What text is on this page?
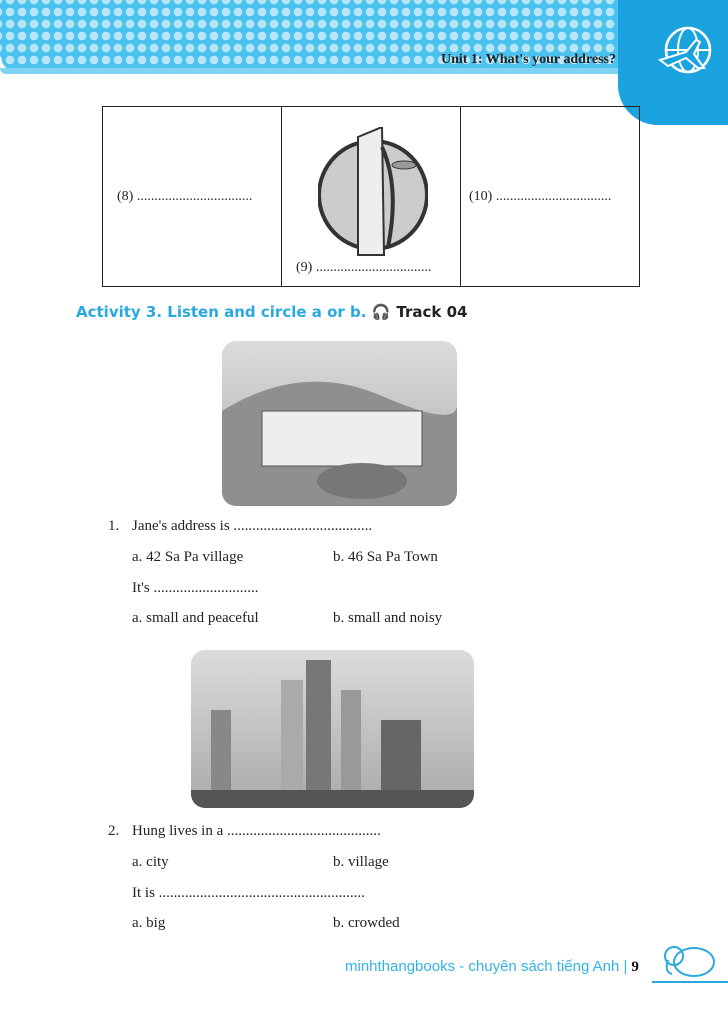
Unit 1: What's your address?
(8) .................................

(9) .................................

(10) .................................
Activity 3. Listen and circle a or b. 🎧 Track 04
1. Jane's address is .....................................
a. 42 Sa Pa village	b. 46 Sa Pa Town
It's ............................
a. small and peaceful	b. small and noisy
2. Hung lives in a .........................................
a. city	b. village
It is .......................................................
a. big	b. crowded
minhthangbooks - chuyên sách tiếng Anh | 9
